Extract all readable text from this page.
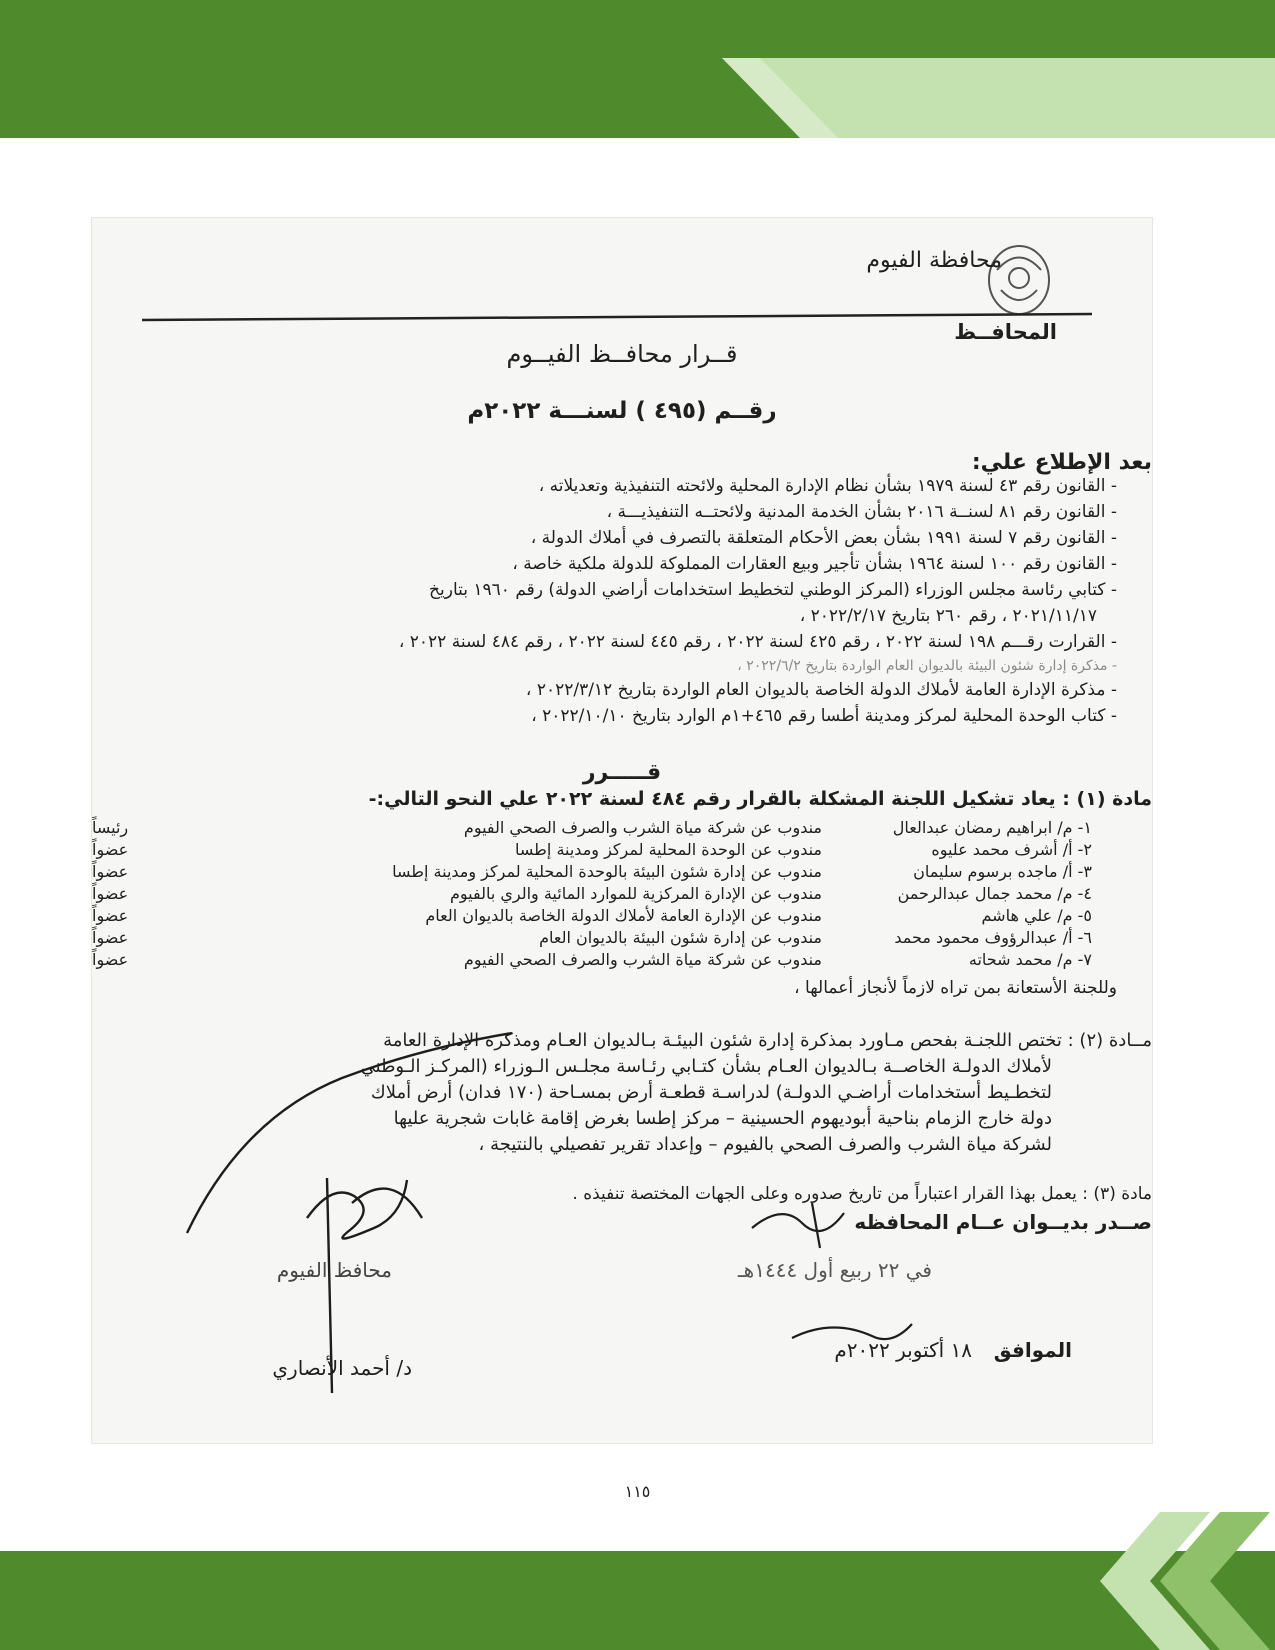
محافظة الفيوم
المحافــظ
قــرار محافــظ الفيــوم
رقــم (٤٩٥ ) لسنـــة ٢٠٢٢م
بعد الإطلاع علي:
- القانون رقم ٤٣ لسنة ١٩٧٩ بشأن نظام الإدارة المحلية ولائحته التنفيذية وتعديلاته ،
- القانون رقم ٨١ لسنــة ٢٠١٦ بشأن الخدمة المدنية ولائحتــه التنفيذيـــة ،
- القانون رقم ٧ لسنة ١٩٩١ بشأن بعض الأحكام المتعلقة بالتصرف في أملاك الدولة ،
- القانون رقم ١٠٠ لسنة ١٩٦٤ بشأن تأجير وبيع العقارات المملوكة للدولة ملكية خاصة ،
- كتابي رئاسة مجلس الوزراء (المركز الوطني لتخطيط استخدامات أراضي الدولة) رقم ١٩٦٠ بتاريخ
٢٠٢١/١١/١٧ ، رقم ٢٦٠ بتاريخ ٢٠٢٢/٢/١٧ ،
- القرارت رقـــم ١٩٨ لسنة ٢٠٢٢ ، رقم ٤٢٥ لسنة ٢٠٢٢ ، رقم ٤٤٥ لسنة ٢٠٢٢ ، رقم ٤٨٤ لسنة ٢٠٢٢ ،
- مذكرة إدارة شئون البيئة بالديوان العام الواردة بتاريخ ٢٠٢٢/٦/٢ ،
- مذكرة الإدارة العامة لأملاك الدولة الخاصة بالديوان العام الواردة بتاريخ ٢٠٢٢/٣/١٢ ،
- كتاب الوحدة المحلية لمركز ومدينة أطسا رقم ٤٦٥+١م الوارد بتاريخ ٢٠٢٢/١٠/١٠ ،
قـــــرر
مادة (١) : يعاد تشكيل اللجنة المشكلة بالقرار رقم ٤٨٤ لسنة ٢٠٢٢ علي النحو التالي:-
١- م/ ابراهيم رمضان عبدالعال
مندوب عن شركة مياة الشرب والصرف الصحي الفيوم
رئيساً
٢- أ/ أشرف محمد عليوه
مندوب عن الوحدة المحلية لمركز ومدينة إطسا
عضواً
٣- أ/ ماجده برسوم سليمان
مندوب عن إدارة شئون البيئة بالوحدة المحلية لمركز ومدينة إطسا
عضواً
٤- م/ محمد جمال عبدالرحمن
مندوب عن الإدارة المركزية للموارد المائية والري بالفيوم
عضواً
٥- م/ علي هاشم
مندوب عن الإدارة العامة لأملاك الدولة الخاصة بالديوان العام
عضواً
٦- أ/ عبدالرؤوف محمود محمد
مندوب عن إدارة شئون البيئة بالديوان العام
عضواً
٧- م/ محمد شحاته
مندوب عن شركة مياة الشرب والصرف الصحي الفيوم
عضواً
وللجنة الأستعانة بمن تراه لازماً لأنجاز أعمالها ،
مــادة (٢) : تختص اللجنـة بفحص مـاورد بمذكرة إدارة شئون البيئـة بـالديوان العـام ومذكرة الإدارة العامة
لأملاك الدولـة الخاصــة بـالديوان العـام بشأن كتـابي رئـاسة مجلـس الـوزراء (المركـز الـوطني
لتخطـيط أستخدامات أراضـي الدولـة) لدراسـة قطعـة أرض بمسـاحة (١٧٠ فدان) أرض أملاك
دولة خارج الزمام بناحية أبوديهوم الحسينية – مركز إطسا بغرض إقامة غابات شجرية عليها
لشركة مياة الشرب والصرف الصحي بالفيوم – وإعداد تقرير تفصيلي بالنتيجة ،
مادة (٣) : يعمل بهذا القرار اعتباراً من تاريخ صدوره وعلى الجهات المختصة تنفيذه .
صــدر بديــوان عــام المحافظه
في ٢٢ ربيع أول ١٤٤٤هـ
الموافق
١٨ أكتوبر ٢٠٢٢م
محافظ الفيوم
د/ أحمد الأنصاري
١١٥
